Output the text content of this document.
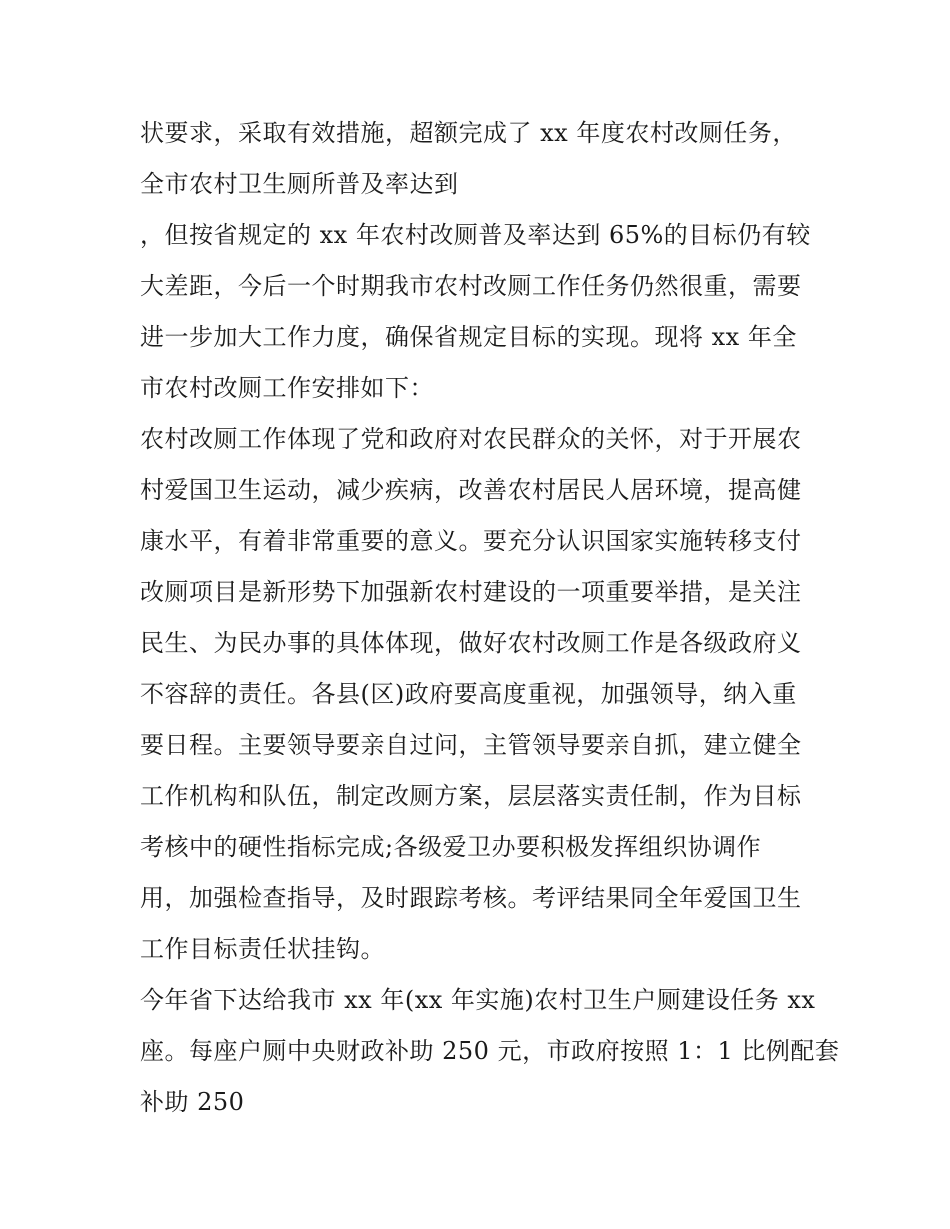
状要求，采取有效措施，超额完成了 xx 年度农村改厕任务，
全市农村卫生厕所普及率达到
，但按省规定的 xx 年农村改厕普及率达到 65%的目标仍有较
大差距，今后一个时期我市农村改厕工作任务仍然很重，需要
进一步加大工作力度，确保省规定目标的实现。现将 xx 年全
市农村改厕工作安排如下：
农村改厕工作体现了党和政府对农民群众的关怀，对于开展农
村爱国卫生运动，减少疾病，改善农村居民人居环境，提高健
康水平，有着非常重要的意义。要充分认识国家实施转移支付
改厕项目是新形势下加强新农村建设的一项重要举措，是关注
民生、为民办事的具体体现，做好农村改厕工作是各级政府义
不容辞的责任。各县(区)政府要高度重视，加强领导，纳入重
要日程。主要领导要亲自过问，主管领导要亲自抓，建立健全
工作机构和队伍，制定改厕方案，层层落实责任制，作为目标
考核中的硬性指标完成;各级爱卫办要积极发挥组织协调作
用，加强检查指导，及时跟踪考核。考评结果同全年爱国卫生
工作目标责任状挂钩。
今年省下达给我市 xx 年(xx 年实施)农村卫生户厕建设任务 xx
座。每座户厕中央财政补助 250 元，市政府按照 1：1 比例配套
补助 250
